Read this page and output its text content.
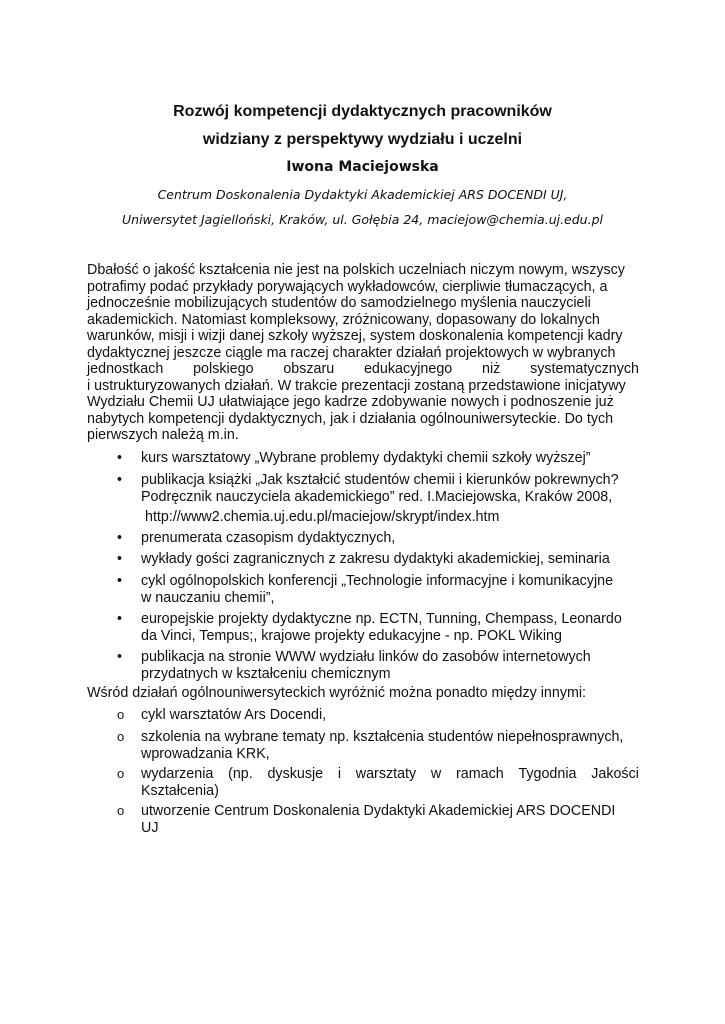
Rozwój kompetencji dydaktycznych pracowników
widziany z perspektywy wydziału i uczelni
Iwona Maciejowska
Centrum Doskonalenia Dydaktyki Akademickiej ARS DOCENDI UJ,
Uniwersytet Jagielloński, Kraków, ul. Gołębia 24, maciejow@chemia.uj.edu.pl
Dbałość o jakość kształcenia nie jest na polskich uczelniach niczym nowym, wszyscy
potrafimy podać przykłady porywających wykładowców, cierpliwie tłumaczących, a
jednocześnie mobilizujących studentów do samodzielnego myślenia nauczycieli
akademickich. Natomiast kompleksowy, zróżnicowany, dopasowany do lokalnych
warunków, misji i wizji danej szkoły wyższej, system doskonalenia kompetencji kadry
dydaktycznej jeszcze ciągle ma raczej charakter działań projektowych w wybranych
jednostkach polskiego obszaru edukacyjnego niż systematycznych
i ustrukturyzowanych działań. W trakcie prezentacji zostaną przedstawione inicjatywy
Wydziału Chemii UJ ułatwiające jego kadrze zdobywanie nowych i podnoszenie już
nabytych kompetencji dydaktycznych, jak i działania ogólnouniwersyteckie. Do tych
pierwszych należą m.in.
• kurs warsztatowy „Wybrane problemy dydaktyki chemii szkoły wyższej”
• publikacja książki „Jak kształcić studentów chemii i kierunków pokrewnych?
Podręcznik nauczyciela akademickiego” red. I.Maciejowska, Kraków 2008,
http://www2.chemia.uj.edu.pl/maciejow/skrypt/index.htm
• prenumerata czasopism dydaktycznych,
• wykłady gości zagranicznych z zakresu dydaktyki akademickiej, seminaria
• cykl ogólnopolskich konferencji „Technologie informacyjne i komunikacyjne
w nauczaniu chemii”,
• europejskie projekty dydaktyczne np. ECTN, Tunning, Chempass, Leonardo
da Vinci, Tempus;, krajowe projekty edukacyjne - np. POKL Wiking
• publikacja na stronie WWW wydziału linków do zasobów internetowych
przydatnych w kształceniu chemicznym
Wśród działań ogólnouniwersyteckich wyróżnić można ponadto między innymi:
o cykl warsztatów Ars Docendi,
o szkolenia na wybrane tematy np. kształcenia studentów niepełnosprawnych,
wprowadzania KRK,
o wydarzenia (np. dyskusje i warsztaty w ramach Tygodnia Jakości
Kształcenia)
o utworzenie Centrum Doskonalenia Dydaktyki Akademickiej ARS DOCENDI
UJ
